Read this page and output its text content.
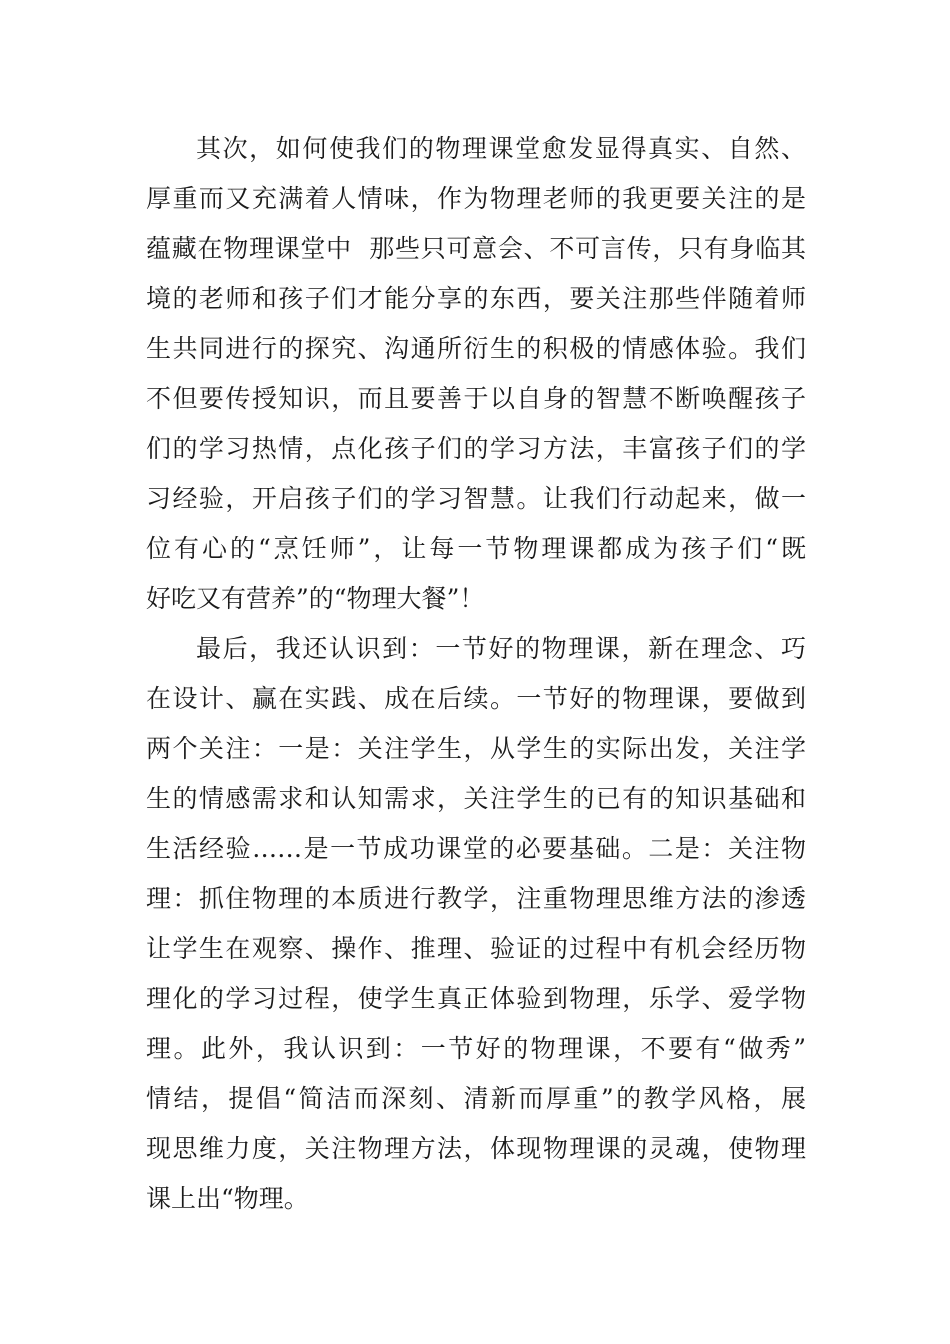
其次，如何使我们的物理课堂愈发显得真实、自然、
厚重而又充满着人情味，作为物理老师的我更要关注的是
蕴藏在物理课堂中  那些只可意会、不可言传，只有身临其
境的老师和孩子们才能分享的东西，要关注那些伴随着师
生共同进行的探究、沟通所衍生的积极的情感体验。我们
不但要传授知识，而且要善于以自身的智慧不断唤醒孩子
们的学习热情，点化孩子们的学习方法，丰富孩子们的学
习经验，开启孩子们的学习智慧。让我们行动起来，做一
位有心的“烹饪师”，让每一节物理课都成为孩子们“既
好吃又有营养”的“物理大餐”！
最后，我还认识到：一节好的物理课，新在理念、巧
在设计、赢在实践、成在后续。一节好的物理课，要做到
两个关注：一是：关注学生，从学生的实际出发，关注学
生的情感需求和认知需求，关注学生的已有的知识基础和
生活经验……是一节成功课堂的必要基础。二是：关注物
理：抓住物理的本质进行教学，注重物理思维方法的渗透
让学生在观察、操作、推理、验证的过程中有机会经历物
理化的学习过程，使学生真正体验到物理，乐学、爱学物
理。此外，我认识到：一节好的物理课，不要有“做秀”
情结，提倡“简洁而深刻、清新而厚重”的教学风格，展
现思维力度，关注物理方法，体现物理课的灵魂，使物理
课上出“物理。
